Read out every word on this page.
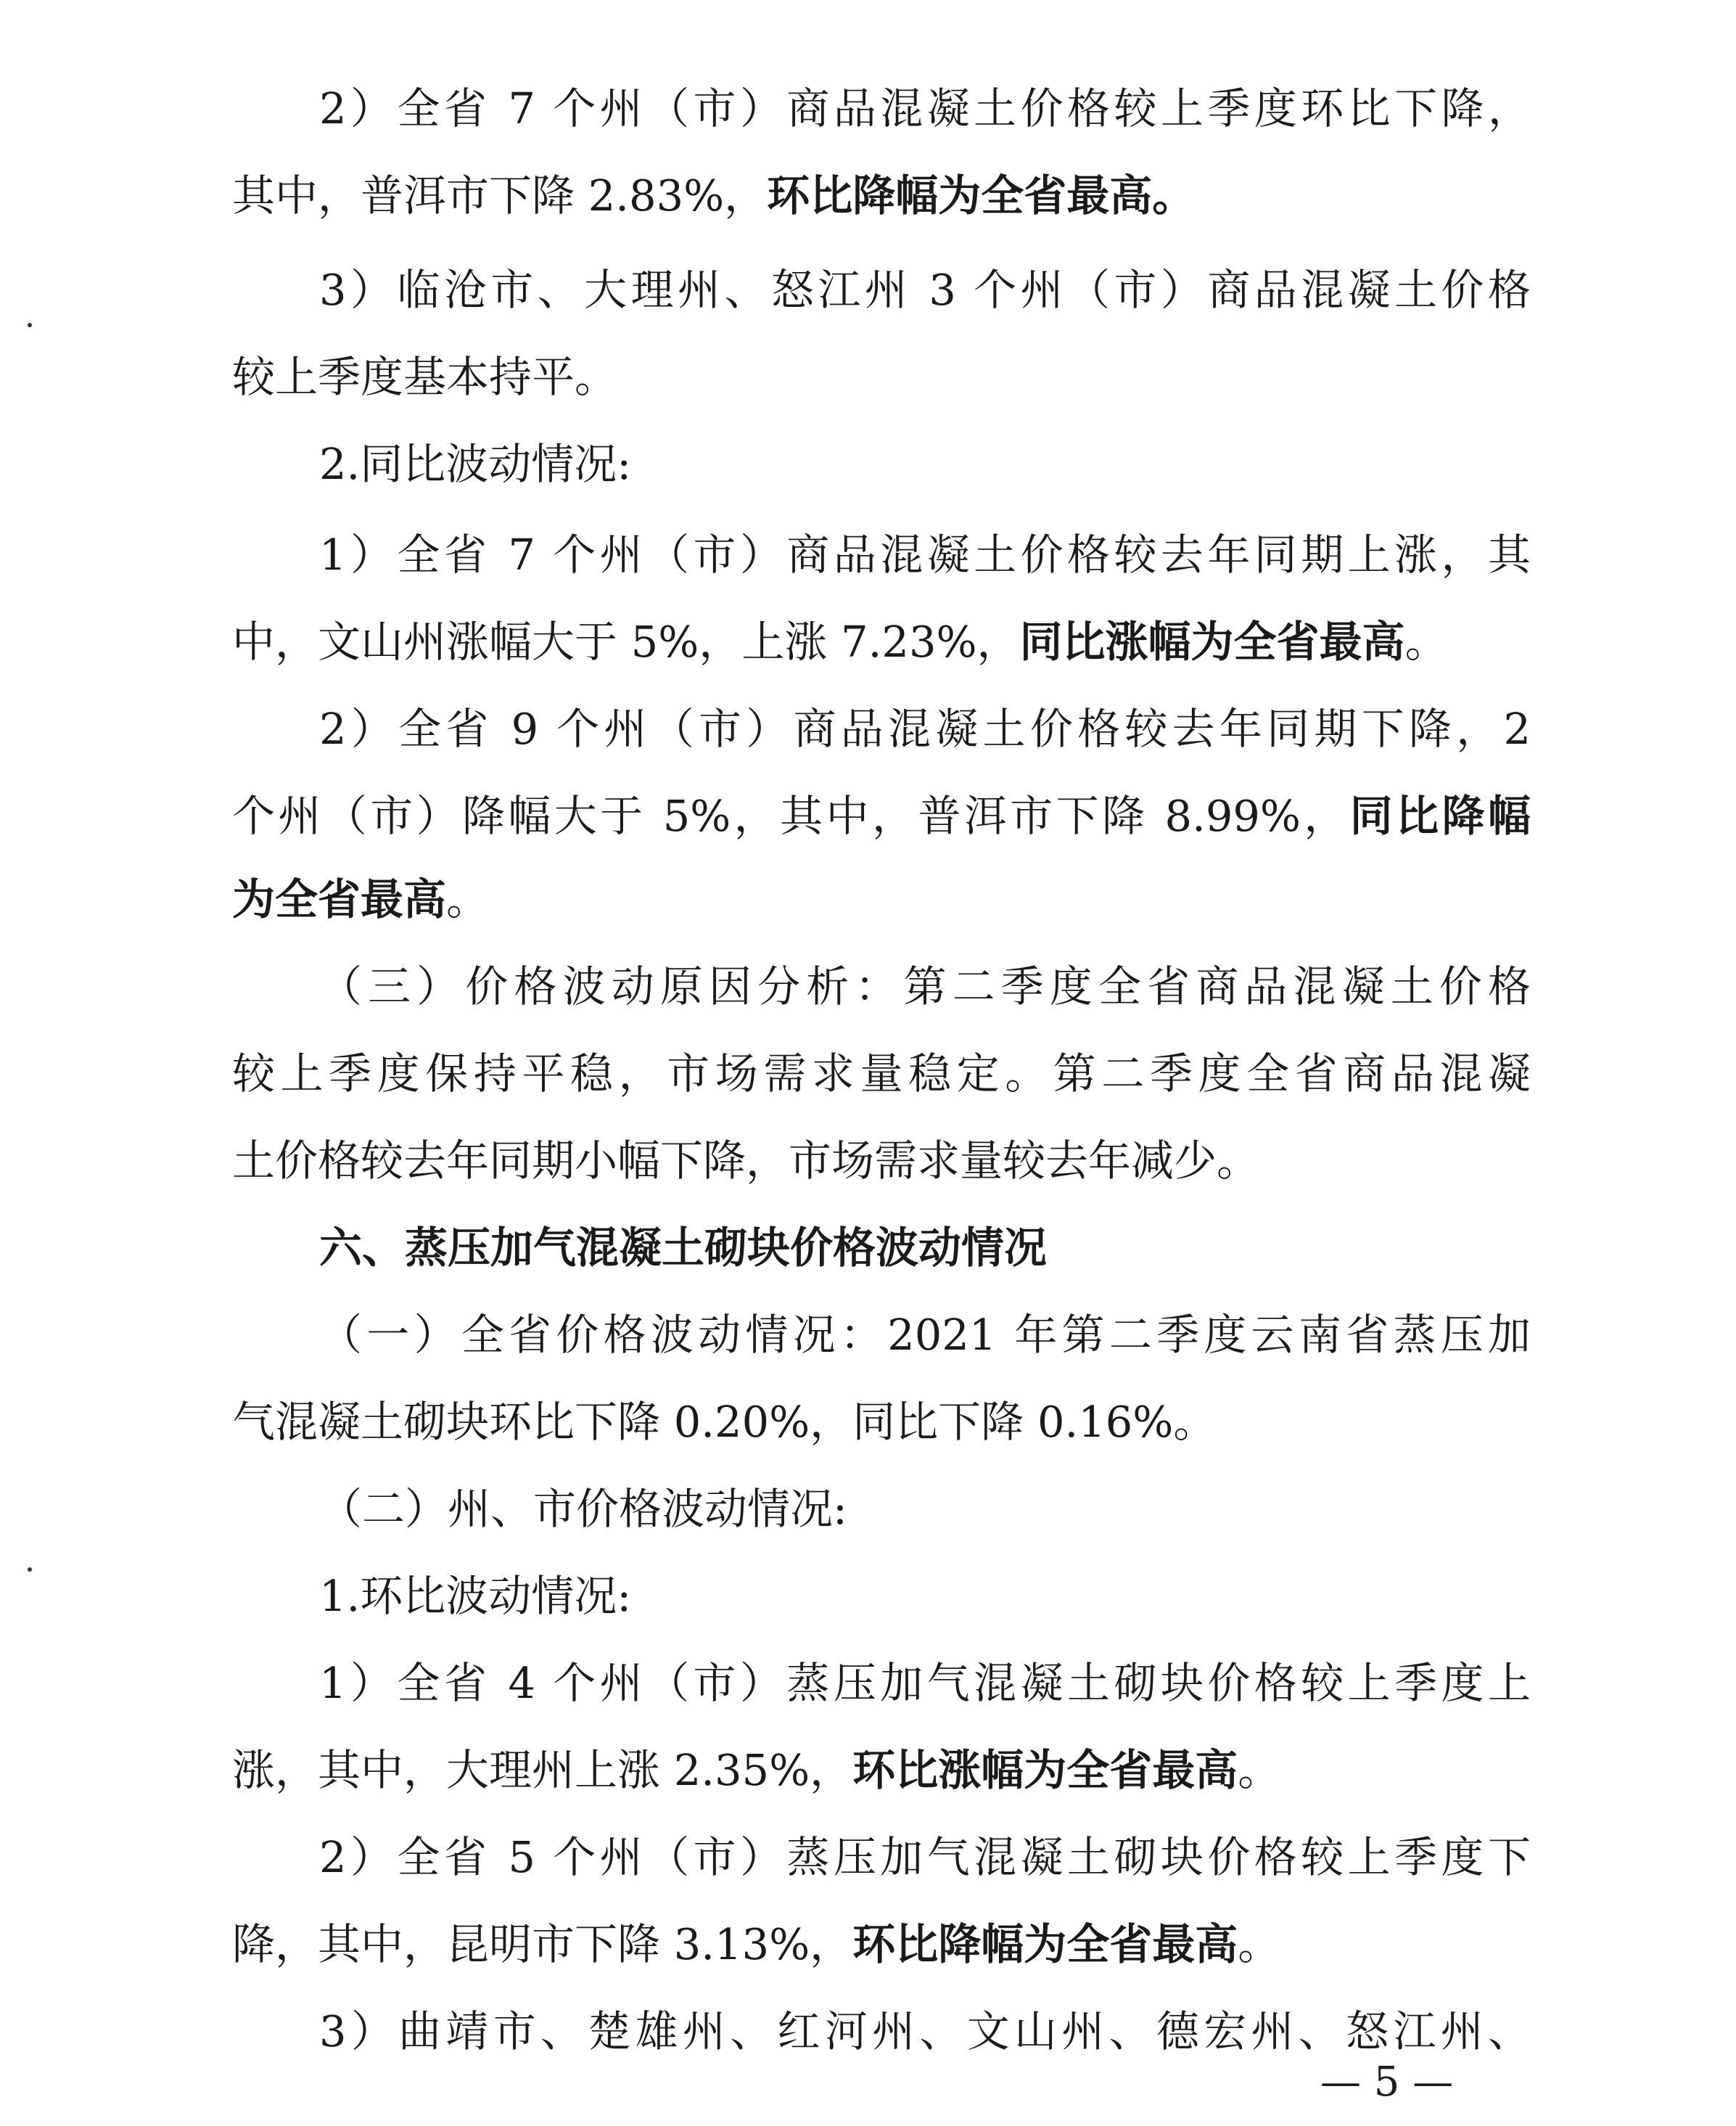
2）全省 7 个州（市）商品混凝土价格较上季度环比下降，
其中，普洱市下降 2.83%，环比降幅为全省最高。
3）临沧市、大理州、怒江州 3 个州（市）商品混凝土价格
较上季度基本持平。
2.同比波动情况:
1）全省 7 个州（市）商品混凝土价格较去年同期上涨，其
中，文山州涨幅大于 5%，上涨 7.23%，同比涨幅为全省最高。
2）全省 9 个州（市）商品混凝土价格较去年同期下降，2
个州（市）降幅大于 5%，其中，普洱市下降 8.99%，同比降幅
为全省最高。
（三）价格波动原因分析：第二季度全省商品混凝土价格
较上季度保持平稳，市场需求量稳定。第二季度全省商品混凝
土价格较去年同期小幅下降，市场需求量较去年减少。
六、蒸压加气混凝土砌块价格波动情况
（一）全省价格波动情况：2021 年第二季度云南省蒸压加
气混凝土砌块环比下降 0.20%，同比下降 0.16%。
（二）州、市价格波动情况:
1.环比波动情况:
1）全省 4 个州（市）蒸压加气混凝土砌块价格较上季度上
涨，其中，大理州上涨 2.35%，环比涨幅为全省最高。
2）全省 5 个州（市）蒸压加气混凝土砌块价格较上季度下
降，其中，昆明市下降 3.13%，环比降幅为全省最高。
3）曲靖市、楚雄州、红河州、文山州、德宏州、怒江州、
— 5 —
